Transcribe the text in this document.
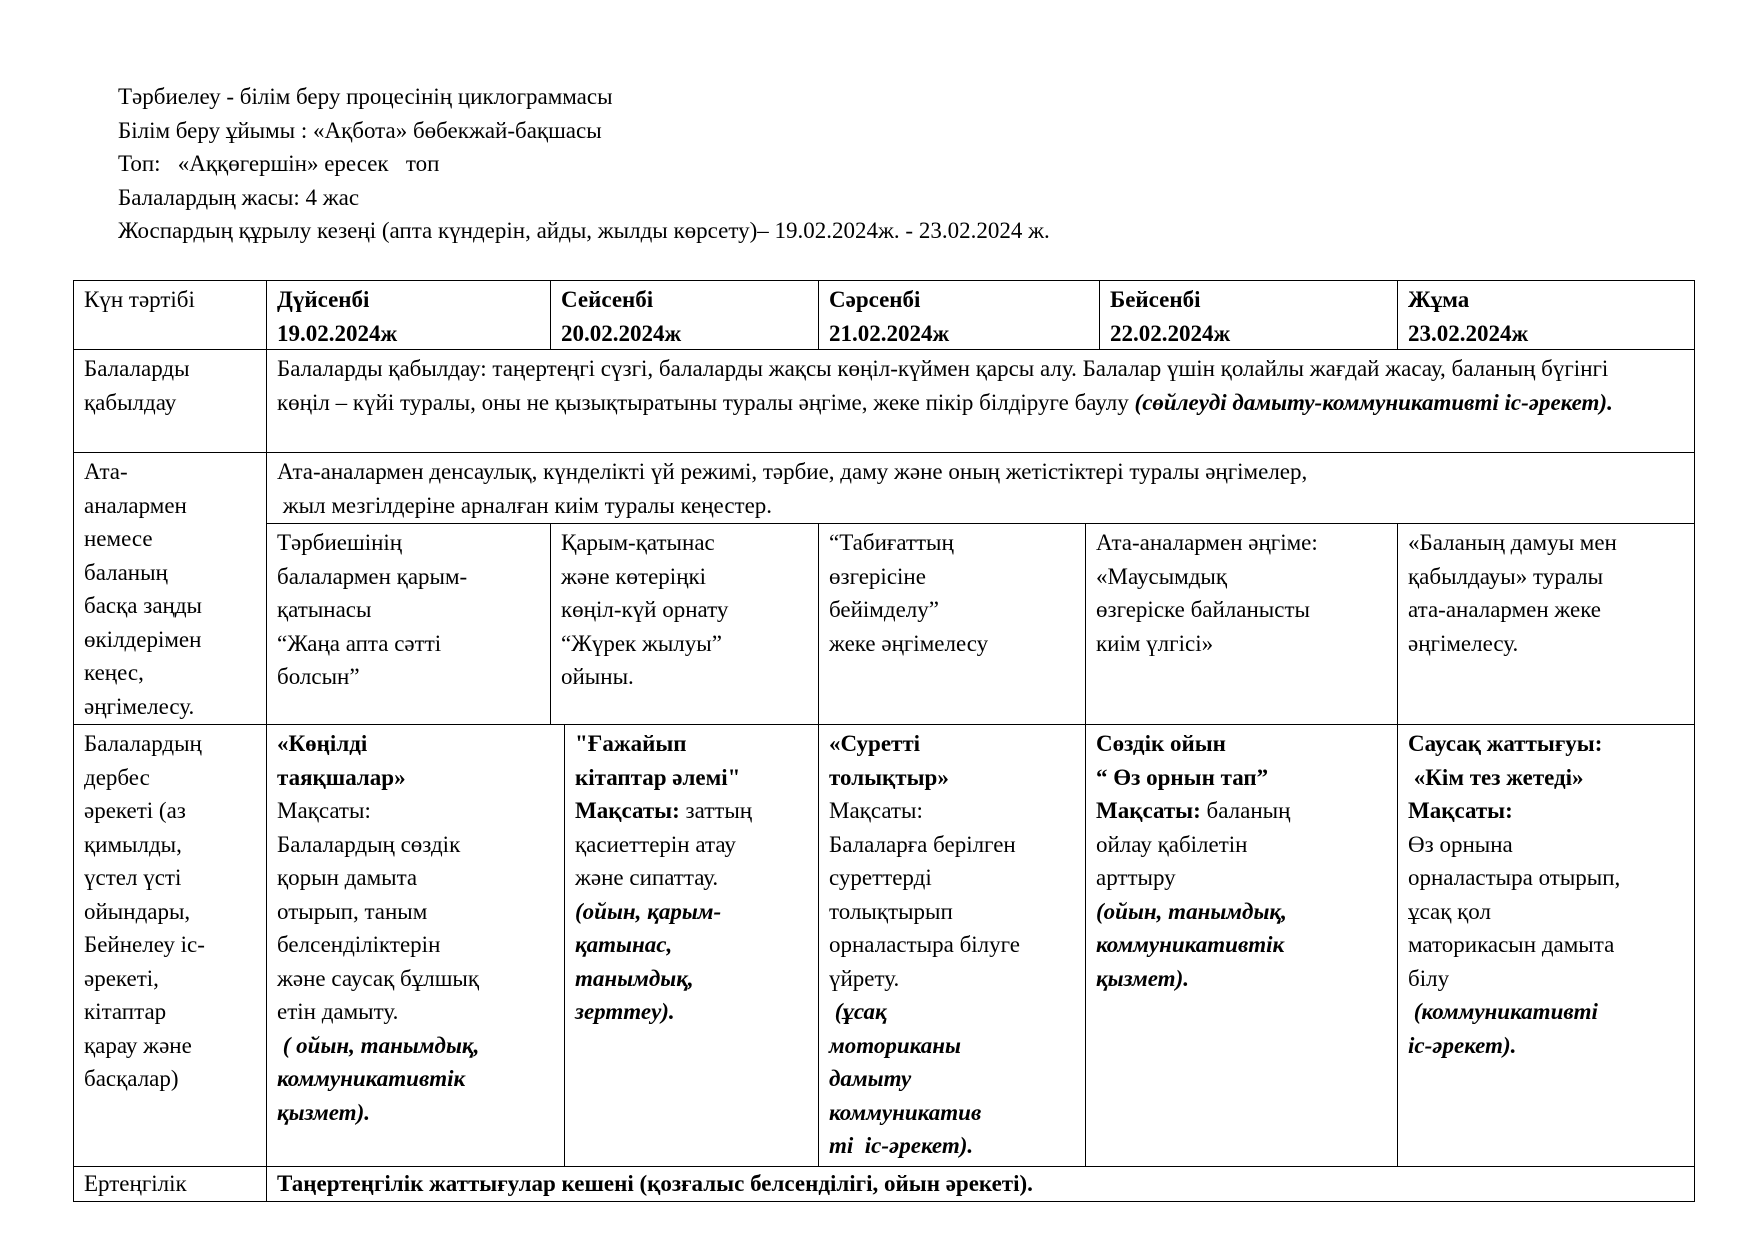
Тәрбиелеу - білім беру процесінің циклограммасы
Білім беру ұйымы : «Ақбота» бөбекжай-бақшасы
Топ:   «Аққөгершін» ересек   топ
Балалардың жасы: 4 жас
Жоспардың құрылу кезеңі (апта күндерін, айды, жылды көрсету)– 19.02.2024ж. - 23.02.2024 ж.
Күн тәртібі	Дүйсенбі
19.02.2024ж
Сейсенбі
20.02.2024ж
Сәрсенбі
21.02.2024ж
Бейсенбі
22.02.2024ж
Жұма
23.02.2024ж
Балаларды
қабылдау
Балаларды қабылдау: таңертеңгі сүзгі, балаларды жақсы көңіл-күймен қарсы алу. Балалар үшін қолайлы жағдай жасау, баланың бүгінгі көңіл – күйі туралы, оны не қызықтыратыны туралы әңгіме, жеке пікір білдіруге баулу (сөйлеуді дамыту-коммуникативті іс-әрекет).
Ата-
аналармен
немесе
баланың
басқа заңды
өкілдерімен
кеңес,
әңгімелесу.
Ата-аналармен денсаулық, күнделікті үй режимі, тәрбие, даму және оның жетістіктері туралы әңгімелер,
жыл мезгілдеріне арналған киім туралы кеңестер.
Тәрбиешінің
балалармен қарым-
қатынасы
“Жаңа апта сәтті
болсын”
Қарым-қатынас
және көтеріңкі
көңіл-күй орнату
“Жүрек жылуы”
ойыны.
“Табиғаттың
өзгерісіне
бейімделу”
жеке әңгімелесу
Ата-аналармен әңгіме:
«Маусымдық
өзгеріске байланысты
киім үлгісі»
«Баланың дамуы мен
қабылдауы» туралы
ата-аналармен жеке
әңгімелесу.
Балалардың
дербес
әрекеті (аз
қимылды,
үстел үсті
ойындары,
Бейнелеу іс-
әрекеті,
кітаптар
қарау және
басқалар)
«Көңілді
таяқшалар»
Мақсаты:
Балалардың сөздік
қорын дамыта
отырып, таным
белсенділіктерін
және саусақ бұлшық
етін дамыту.
( ойын, танымдық,
коммуникативтік
қызмет).
"Ғажайып
кітаптар әлемі"
Мақсаты: заттың
қасиеттерін атау
және сипаттау.
(ойын, қарым-
қатынас,
танымдық,
зерттеу).
«Суретті
толықтыр»
Мақсаты:
Балаларға берілген
суреттерді
толықтырып
орналастыра білуге
үйрету.
(ұсақ
моториканы
дамыту
коммуникатив
ті  іс-әрекет).
Сөздік ойын
“ Өз орнын тап”
Мақсаты: баланың
ойлау қабілетін
арттыру
(ойын, танымдық,
коммуникативтік
қызмет).
Саусақ жаттығуы:
«Кім тез жетеді»
Мақсаты:
Өз орнына
орналастыра отырып,
ұсақ қол
маторикасын дамыта
білу
(коммуникативті
іс-әрекет).
Ертеңгілік	Таңертеңгілік жаттығулар кешені (қозғалыс белсенділігі, ойын әрекеті).
